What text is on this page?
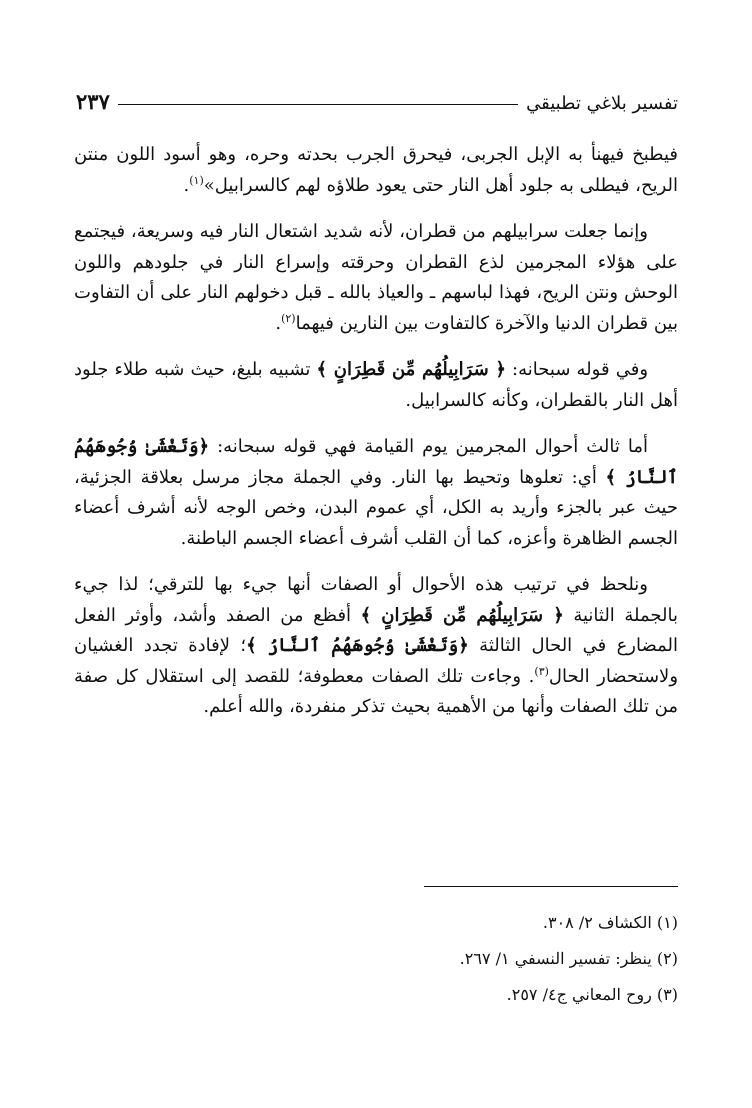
تفسير بلاغي تطبيقي
٢٣٧

فيطبخ فيهنأ به الإبل الجربى، فيحرق الجرب بحدته وحره، وهو أسود اللون منتن الريح، فيطلى به جلود أهل النار حتى يعود طلاؤه لهم كالسرابيل»$^{(١)}$.

وإنما جعلت سرابيلهم من قطران، لأنه شديد اشتعال النار فيه وسريعة، فيجتمع على هؤلاء المجرمين لذع القطران وحرقته وإسراع النار في جلودهم واللون الوحش ونتن الريح، فهذا لباسهم ـ والعياذ بالله ـ قبل دخولهم النار على أن التفاوت بين قطران الدنيا والآخرة كالتفاوت بين النارين فيهما$^{(٢)}$.

وفي قوله سبحانه: ﴿ سَرَابِيلُهُم مِّن قَطِرَانٍ ﴾ تشبيه بليغ، حيث شبه طلاء جلود أهل النار بالقطران، وكأنه كالسرابيل.

أما ثالث أحوال المجرمين يوم القيامة فهي قوله سبحانه: ﴿وَتَغْشَىٰ وُجُوهَهُمُ ٱلنَّارُ ﴾ أي: تعلوها وتحيط بها النار. وفي الجملة مجاز مرسل بعلاقة الجزئية، حيث عبر بالجزء وأريد به الكل، أي عموم البدن، وخص الوجه لأنه أشرف أعضاء الجسم الظاهرة وأعزه، كما أن القلب أشرف أعضاء الجسم الباطنة.

ونلحظ في ترتيب هذه الأحوال أو الصفات أنها جيء بها للترقي؛ لذا جيء بالجملة الثانية ﴿ سَرَابِيلُهُم مِّن قَطِرَانٍ ﴾ أفظع من الصفد وأشد، وأوثر الفعل المضارع في الحال الثالثة ﴿وَتَغْشَىٰ وُجُوهَهُمُ ٱلنَّارُ ﴾؛ لإفادة تجدد الغشيان ولاستحضار الحال$^{(٣)}$. وجاءت تلك الصفات معطوفة؛ للقصد إلى استقلال كل صفة من تلك الصفات وأنها من الأهمية بحيث تذكر منفردة، والله أعلم.

(١) الكشاف ٢/ ٣٠٨.

(٢) ينظر: تفسير النسفي ١/ ٢٦٧.

(٣) روح المعاني ج٤/ ٢٥٧.
